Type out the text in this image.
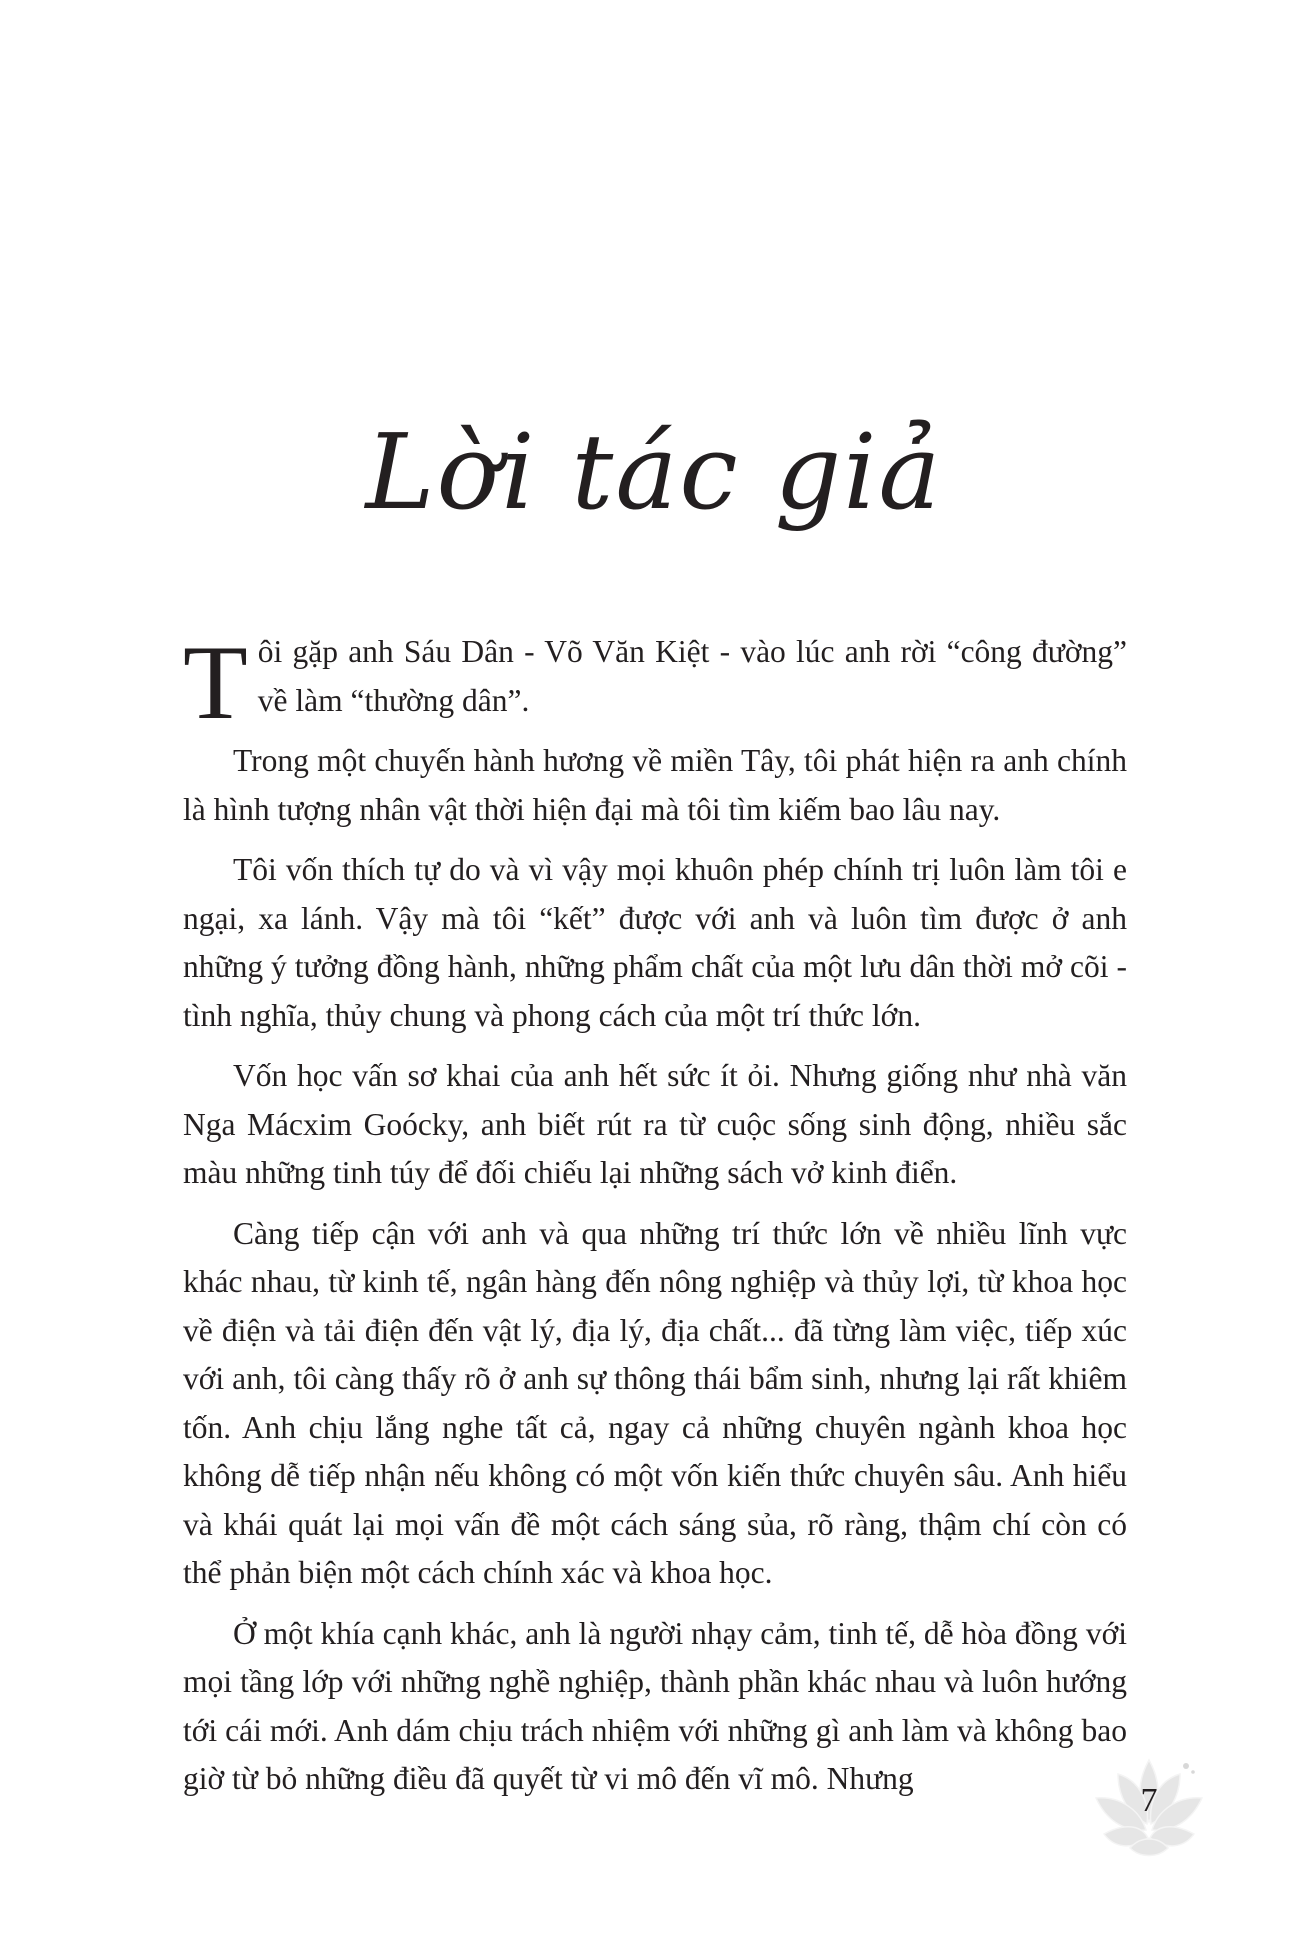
Lời tác giả

Tôi gặp anh Sáu Dân - Võ Văn Kiệt - vào lúc anh rời “công đường” về làm “thường dân”.

Trong một chuyến hành hương về miền Tây, tôi phát hiện ra anh chính là hình tượng nhân vật thời hiện đại mà tôi tìm kiếm bao lâu nay.

Tôi vốn thích tự do và vì vậy mọi khuôn phép chính trị luôn làm tôi e ngại, xa lánh. Vậy mà tôi “kết” được với anh và luôn tìm được ở anh những ý tưởng đồng hành, những phẩm chất của một lưu dân thời mở cõi - tình nghĩa, thủy chung và phong cách của một trí thức lớn.

Vốn học vấn sơ khai của anh hết sức ít ỏi. Nhưng giống như nhà văn Nga Mácxim Goócky, anh biết rút ra từ cuộc sống sinh động, nhiều sắc màu những tinh túy để đối chiếu lại những sách vở kinh điển.

Càng tiếp cận với anh và qua những trí thức lớn về nhiều lĩnh vực khác nhau, từ kinh tế, ngân hàng đến nông nghiệp và thủy lợi, từ khoa học về điện và tải điện đến vật lý, địa lý, địa chất... đã từng làm việc, tiếp xúc với anh, tôi càng thấy rõ ở anh sự thông thái bẩm sinh, nhưng lại rất khiêm tốn. Anh chịu lắng nghe tất cả, ngay cả những chuyên ngành khoa học không dễ tiếp nhận nếu không có một vốn kiến thức chuyên sâu. Anh hiểu và khái quát lại mọi vấn đề một cách sáng sủa, rõ ràng, thậm chí còn có thể phản biện một cách chính xác và khoa học.

Ở một khía cạnh khác, anh là người nhạy cảm, tinh tế, dễ hòa đồng với mọi tầng lớp với những nghề nghiệp, thành phần khác nhau và luôn hướng tới cái mới. Anh dám chịu trách nhiệm với những gì anh làm và không bao giờ từ bỏ những điều đã quyết từ vi mô đến vĩ mô. Nhưng

7
